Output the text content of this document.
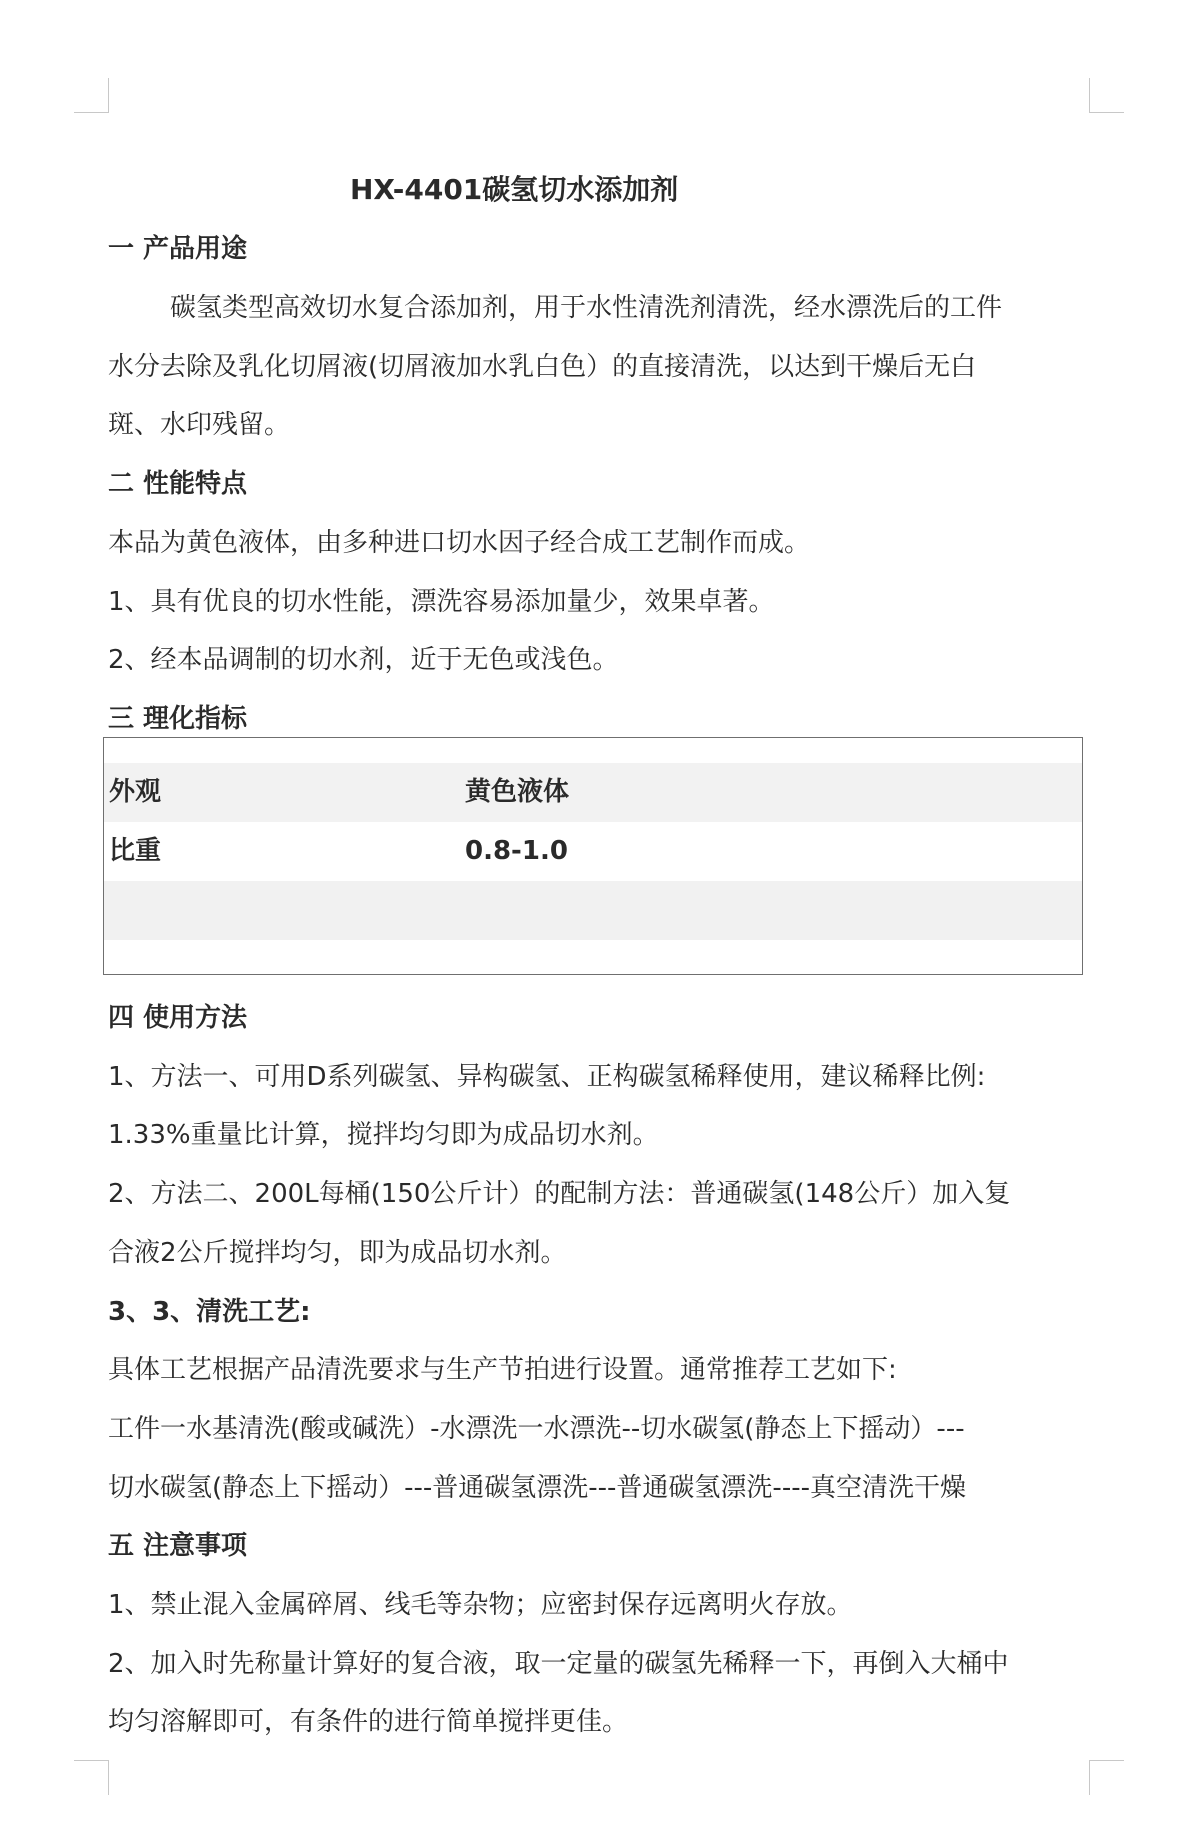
HX-4401碳氢切水添加剂
一 产品用途
碳氢类型高效切水复合添加剂，用于水性清洗剂清洗，经水漂洗后的工件
水分去除及乳化切屑液(切屑液加水乳白色）的直接清洗，以达到干燥后无白
斑、水印残留。
二 性能特点
本品为黄色液体，由多种进口切水因子经合成工艺制作而成。
1、具有优良的切水性能，漂洗容易添加量少，效果卓著。
2、经本品调制的切水剂，近于无色或浅色。
三 理化指标
外观	黄色液体
比重	0.8-1.0
四 使用方法
1、方法一、可用D系列碳氢、异构碳氢、正构碳氢稀释使用，建议稀释比例:
1.33%重量比计算，搅拌均匀即为成品切水剂。
2、方法二、200L每桶(150公斤计）的配制方法：普通碳氢(148公斤）加入复
合液2公斤搅拌均匀，即为成品切水剂。
3、3、清洗工艺:
具体工艺根据产品清洗要求与生产节拍进行设置。通常推荐工艺如下:
工件一水基清洗(酸或碱洗）-水漂洗一水漂洗--切水碳氢(静态上下摇动）---
切水碳氢(静态上下摇动）---普通碳氢漂洗---普通碳氢漂洗----真空清洗干燥
五 注意事项
1、禁止混入金属碎屑、线毛等杂物；应密封保存远离明火存放。
2、加入时先称量计算好的复合液，取一定量的碳氢先稀释一下，再倒入大桶中
均匀溶解即可，有条件的进行简单搅拌更佳。
